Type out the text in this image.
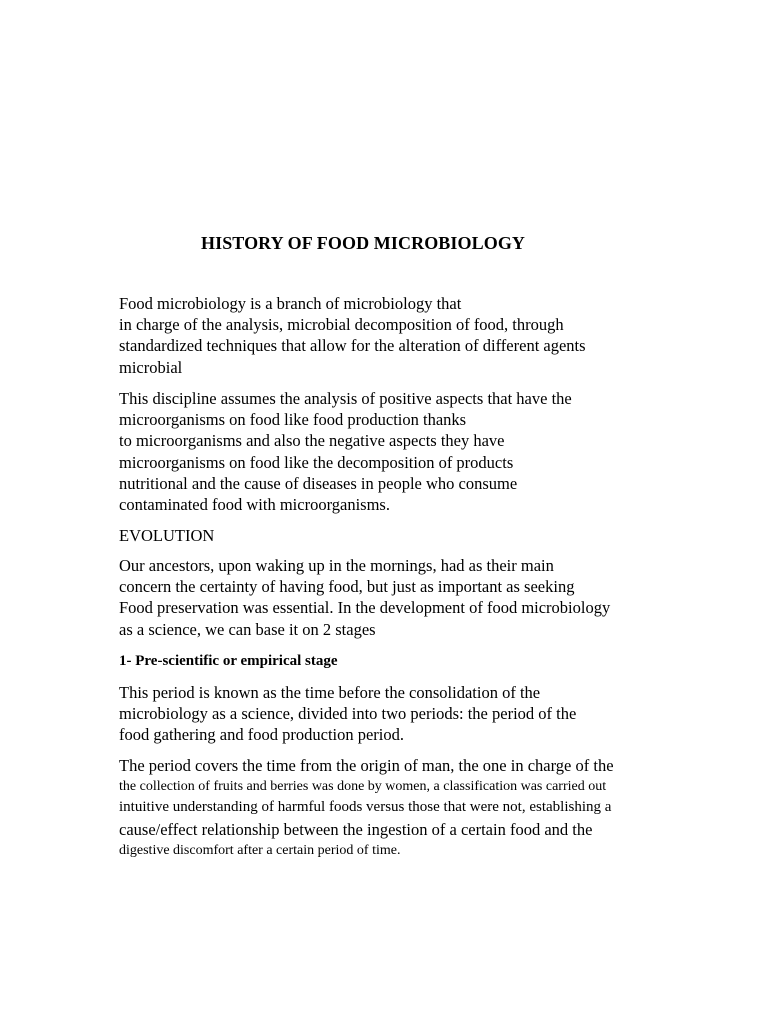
HISTORY OF FOOD MICROBIOLOGY
Food microbiology is a branch of microbiology that
in charge of the analysis, microbial decomposition of food, through
standardized techniques that allow for the alteration of different agents
microbial
This discipline assumes the analysis of positive aspects that have the
microorganisms on food like food production thanks
to microorganisms and also the negative aspects they have
microorganisms on food like the decomposition of products
nutritional and the cause of diseases in people who consume
contaminated food with microorganisms.
EVOLUTION
Our ancestors, upon waking up in the mornings, had as their main
concern the certainty of having food, but just as important as seeking
Food preservation was essential. In the development of food microbiology
as a science, we can base it on 2 stages
1- Pre-scientific or empirical stage
This period is known as the time before the consolidation of the
microbiology as a science, divided into two periods: the period of the
food gathering and food production period.
The period covers the time from the origin of man, the one in charge of the
the collection of fruits and berries was done by women, a classification was carried out
intuitive understanding of harmful foods versus those that were not, establishing a
cause/effect relationship between the ingestion of a certain food and the
digestive discomfort after a certain period of time.
